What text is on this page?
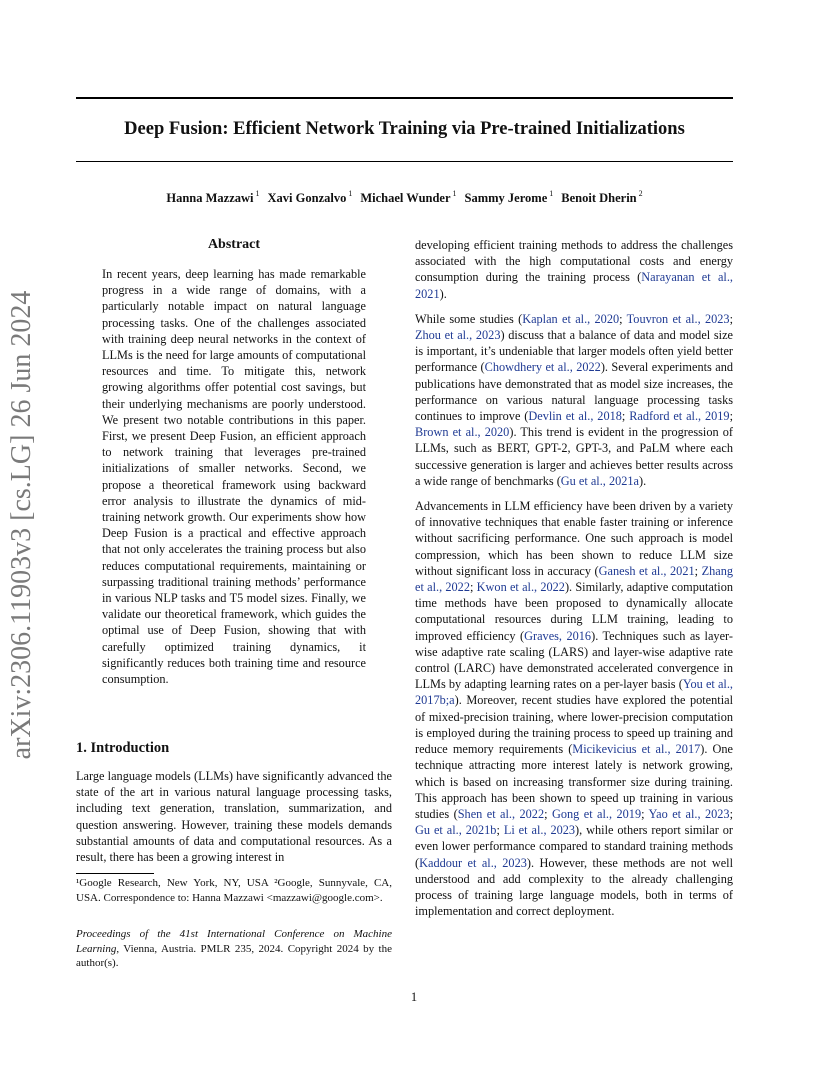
Deep Fusion: Efficient Network Training via Pre-trained Initializations
Hanna Mazzawi $^1$ Xavi Gonzalvo $^1$ Michael Wunder $^1$ Sammy Jerome $^1$ Benoit Dherin $^2$
arXiv:2306.11903v3 [cs.LG] 26 Jun 2024
Abstract
In recent years, deep learning has made remarkable progress in a wide range of domains, with a particularly notable impact on natural language processing tasks. One of the challenges associated with training deep neural networks in the context of LLMs is the need for large amounts of computational resources and time. To mitigate this, network growing algorithms offer potential cost savings, but their underlying mechanisms are poorly understood. We present two notable contributions in this paper. First, we present Deep Fusion, an efficient approach to network training that leverages pre-trained initializations of smaller networks. Second, we propose a theoretical framework using backward error analysis to illustrate the dynamics of mid-training network growth. Our experiments show how Deep Fusion is a practical and effective approach that not only accelerates the training process but also reduces computational requirements, maintaining or surpassing traditional training methods’ performance in various NLP tasks and T5 model sizes. Finally, we validate our theoretical framework, which guides the optimal use of Deep Fusion, showing that with carefully optimized training dynamics, it significantly reduces both training time and resource consumption.
1. Introduction
Large language models (LLMs) have significantly advanced the state of the art in various natural language processing tasks, including text generation, translation, summarization, and question answering. However, training these models demands substantial amounts of data and computational resources. As a result, there has been a growing interest in
¹Google Research, New York, NY, USA ²Google, Sunnyvale, CA, USA. Correspondence to: Hanna Mazzawi <mazzawi@google.com>.
Proceedings of the 41st International Conference on Machine Learning, Vienna, Austria. PMLR 235, 2024. Copyright 2024 by the author(s).

developing efficient training methods to address the challenges associated with the high computational costs and energy consumption during the training process (Narayanan et al., 2021).

While some studies (Kaplan et al., 2020; Touvron et al., 2023; Zhou et al., 2023) discuss that a balance of data and model size is important, it’s undeniable that larger models often yield better performance (Chowdhery et al., 2022). Several experiments and publications have demonstrated that as model size increases, the performance on various natural language processing tasks continues to improve (Devlin et al., 2018; Radford et al., 2019; Brown et al., 2020). This trend is evident in the progression of LLMs, such as BERT, GPT-2, GPT-3, and PaLM where each successive generation is larger and achieves better results across a wide range of benchmarks (Gu et al., 2021a).

Advancements in LLM efficiency have been driven by a variety of innovative techniques that enable faster training or inference without sacrificing performance. One such approach is model compression, which has been shown to reduce LLM size without significant loss in accuracy (Ganesh et al., 2021; Zhang et al., 2022; Kwon et al., 2022). Similarly, adaptive computation time methods have been proposed to dynamically allocate computational resources during LLM training, leading to improved efficiency (Graves, 2016). Techniques such as layer-wise adaptive rate scaling (LARS) and layer-wise adaptive rate control (LARC) have demonstrated accelerated convergence in LLMs by adapting learning rates on a per-layer basis (You et al., 2017b;a). Moreover, recent studies have explored the potential of mixed-precision training, where lower-precision computation is employed during the training process to speed up training and reduce memory requirements (Micikevicius et al., 2017). One technique attracting more interest lately is network growing, which is based on increasing transformer size during training. This approach has been shown to speed up training in various studies (Shen et al., 2022; Gong et al., 2019; Yao et al., 2023; Gu et al., 2021b; Li et al., 2023), while others report similar or even lower performance compared to standard training methods (Kaddour et al., 2023). However, these methods are not well understood and add complexity to the already challenging process of training large language models, both in terms of implementation and correct deployment.

1
